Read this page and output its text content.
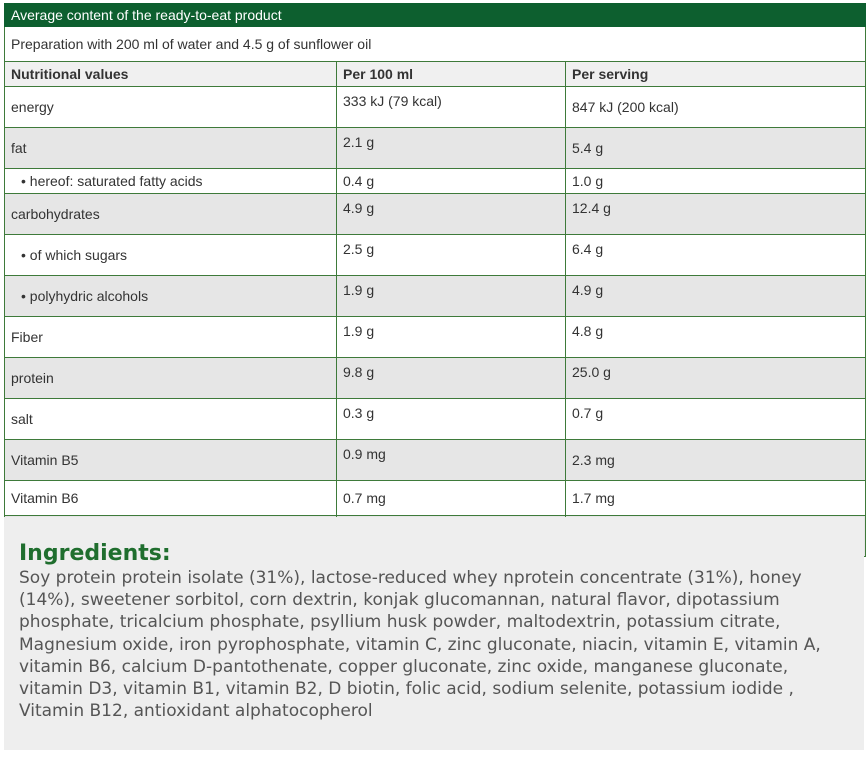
Average content of the ready-to-eat product		
Preparation with 200 ml of water and 4.5 g of sunflower oil		
Nutritional values	Per 100 ml	Per serving
energy	333 kJ (79 kcal)	847 kJ (200 kcal)
fat	2.1 g	5.4 g
• hereof: saturated fatty acids	0.4 g	1.0 g
carbohydrates	4.9 g	12.4 g
• of which sugars	2.5 g	6.4 g
• polyhydric alcohols	1.9 g	4.9 g
Fiber	1.9 g	4.8 g
protein	9.8 g	25.0 g
salt	0.3 g	0.7 g
Vitamin B5	0.9 mg	2.3 mg
Vitamin B6	0.7 mg	1.7 mg

Ingredients:
Soy protein protein isolate (31%), lactose-reduced whey nprotein concentrate (31%), honey (14%), sweetener sorbitol, corn dextrin, konjak glucomannan, natural flavor, dipotassium phosphate, tricalcium phosphate, psyllium husk powder, maltodextrin, potassium citrate, Magnesium oxide, iron pyrophosphate, vitamin C, zinc gluconate, niacin, vitamin E, vitamin A, vitamin B6, calcium D-pantothenate, copper gluconate, zinc oxide, manganese gluconate, vitamin D3, vitamin B1, vitamin B2, D biotin, folic acid, sodium selenite, potassium iodide , Vitamin B12, antioxidant alphatocopherol
